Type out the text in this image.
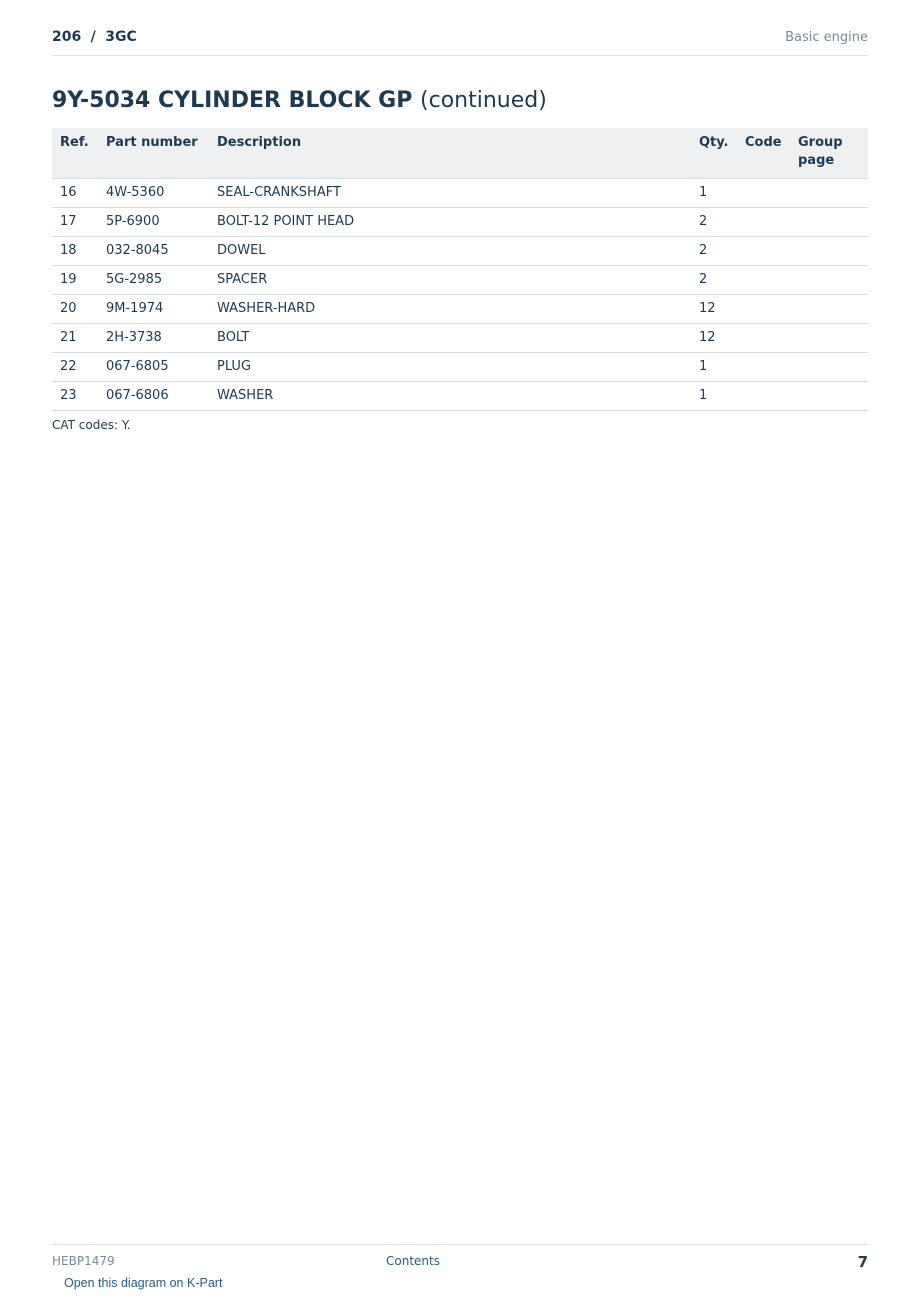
206 / 3GC	Basic engine
9Y-5034 CYLINDER BLOCK GP (continued)
Ref.	Part number	Description	Qty.	Code	Group page
16	4W-5360	SEAL-CRANKSHAFT	1		
17	5P-6900	BOLT-12 POINT HEAD	2		
18	032-8045	DOWEL	2		
19	5G-2985	SPACER	2		
20	9M-1974	WASHER-HARD	12		
21	2H-3738	BOLT	12		
22	067-6805	PLUG	1		
23	067-6806	WASHER	1		
CAT codes: Y.
HEBP1479	Contents	7
Open this diagram on K-Part
